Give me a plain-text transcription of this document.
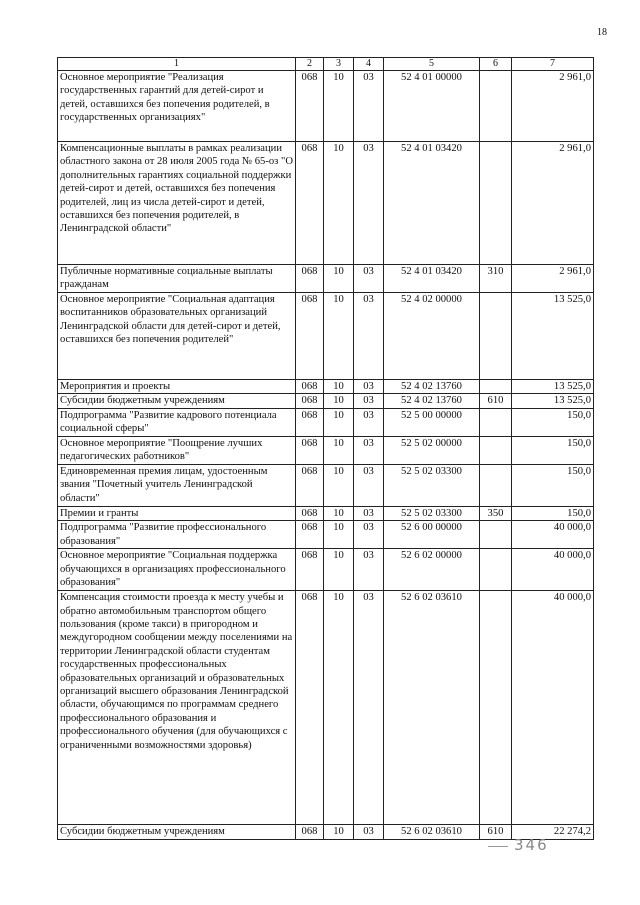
18
1	2	3	4	5	6	7
Основное мероприятие "Реализация государственных гарантий для детей-сирот и детей, оставшихся без попечения родителей, в государственных организациях"	068	10	03	52 4 01 00000		2 961,0
Компенсационные выплаты в рамках реализации областного закона от 28 июля 2005 года № 65-оз "О дополнительных гарантиях социальной поддержки детей-сирот и детей, оставшихся без попечения родителей, лиц из числа детей-сирот и детей, оставшихся без попечения родителей, в Ленинградской области"	068	10	03	52 4 01 03420		2 961,0
Публичные нормативные социальные выплаты гражданам	068	10	03	52 4 01 03420	310	2 961,0
Основное мероприятие "Социальная адаптация воспитанников образовательных организаций Ленинградской области для детей-сирот и детей, оставшихся без попечения родителей"	068	10	03	52 4 02 00000		13 525,0
Мероприятия и проекты	068	10	03	52 4 02 13760		13 525,0
Субсидии бюджетным учреждениям	068	10	03	52 4 02 13760	610	13 525,0
Подпрограмма "Развитие кадрового потенциала социальной сферы"	068	10	03	52 5 00 00000		150,0
Основное мероприятие "Поощрение лучших педагогических работников"	068	10	03	52 5 02 00000		150,0
Единовременная премия лицам, удостоенным звания "Почетный учитель Ленинградской области"	068	10	03	52 5 02 03300		150,0
Премии и гранты	068	10	03	52 5 02 03300	350	150,0
Подпрограмма "Развитие профессионального образования"	068	10	03	52 6 00 00000		40 000,0
Основное мероприятие "Социальная поддержка обучающихся в организациях профессионального образования"	068	10	03	52 6 02 00000		40 000,0
Компенсация стоимости проезда к месту учебы и обратно автомобильным транспортом общего пользования (кроме такси) в пригородном и междугородном сообщении между поселениями на территории Ленинградской области студентам государственных профессиональных образовательных организаций и образовательных организаций высшего образования Ленинградской области, обучающимся по программам среднего профессионального образования и профессионального обучения (для обучающихся с ограниченными возможностями здоровья)	068	10	03	52 6 02 03610		40 000,0
Субсидии бюджетным учреждениям	068	10	03	52 6 02 03610	610	22 274,2
346
